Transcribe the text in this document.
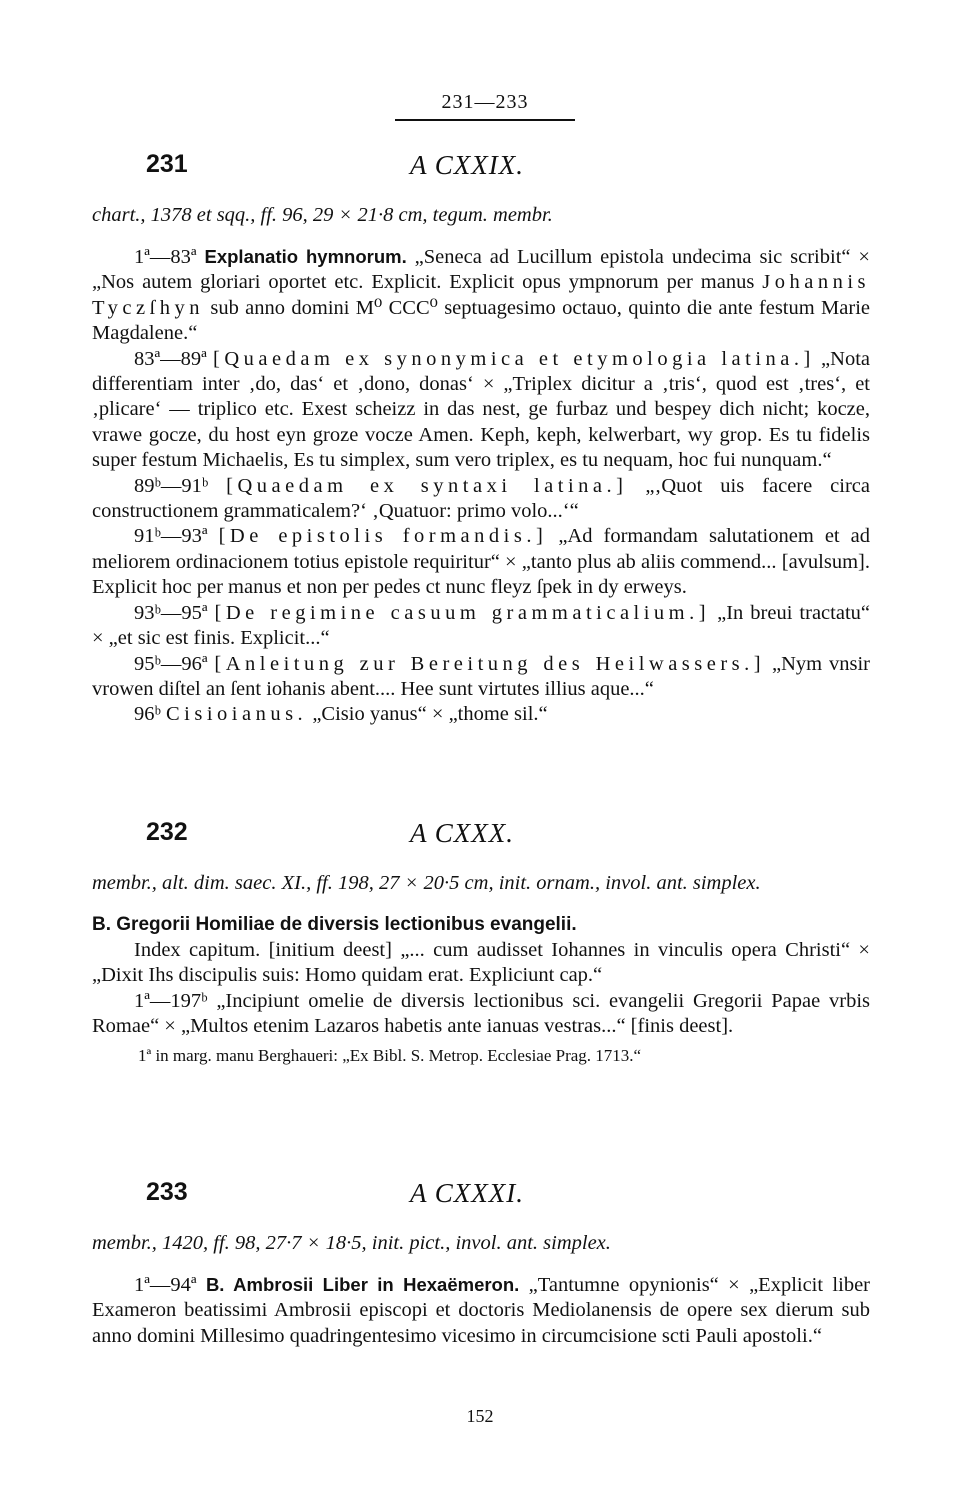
231—233
231	A CXXIX.
chart., 1378 et sqq., ff. 96, 29 × 21·8 cm, tegum. membr.

1ª—83ª Explanatio hymnorum. „Seneca ad Lucillum epistola undecima sic scribit“ × „Nos autem gloriari oportet etc. Explicit. Explicit opus ympnorum per manus Johannis Tyczſhyn sub anno domini M⁰ CCC⁰ septuagesimo octauo, quinto die ante festum Marie Magdalene.“

83ª—89ª [Quaedam ex synonymica et etymologia latina.] „Nota differentiam inter ‚do, das‘ et ‚dono, donas‘ × „Triplex dicitur a ‚tris‘, quod est ‚tres‘, et ‚plicare‘ — triplico etc. Exest scheizz in das nest, ge furbaz und bespey dich nicht; kocze, vrawe gocze, du host eyn groze vocze Amen. Keph, keph, kelwerbart, wy grop. Es tu fidelis super festum Michaelis, Es tu simplex, sum vero triplex, es tu nequam, hoc fui nunquam.“

89ᵇ—91ᵇ [Quaedam ex syntaxi latina.] „‚Quot uis facere circa constructionem grammaticalem?‘ ‚Quatuor: primo volo...‘“

91ᵇ—93ª [De epistolis formandis.] „Ad formandam salutationem et ad meliorem ordinacionem totius epistole requiritur“ × „tanto plus ab aliis commend... [avulsum]. Explicit hoc per manus et non per pedes ct nunc fleyz ſpek in dy erweys.

93ᵇ—95ª [De regimine casuum grammaticalium.] „In breui tractatu“ × „et sic est finis. Explicit...“

95ᵇ—96ª [Anleitung zur Bereitung des Heilwassers.] „Nym vnsir vrowen diſtel an ſent iohanis abent.... Hee sunt virtutes illius aque...“

96ᵇ Cisioianus. „Cisio yanus“ × „thome sil.“

232	A CXXX.
membr., alt. dim. saec. XI., ff. 198, 27 × 20·5 cm, init. ornam., invol. ant. simplex.
B. Gregorii Homiliae de diversis lectionibus evangelii.

Index capitum. [initium deest] „... cum audisset Iohannes in vinculis opera Christi“ × „Dixit Ihs discipulis suis: Homo quidam erat. Expliciunt cap.“

1ª—197ᵇ „Incipiunt omelie de diversis lectionibus sci. evangelii Gregorii Papae vrbis Romae“ × „Multos etenim Lazaros habetis ante ianuas vestras...“ [finis deest].

1ª in marg. manu Berghaueri: „Ex Bibl. S. Metrop. Ecclesiae Prag. 1713.“

233	A CXXXI.
membr., 1420, ff. 98, 27·7 × 18·5, init. pict., invol. ant. simplex.

1ª—94ª B. Ambrosii Liber in Hexaëmeron. „Tantumne opynionis“ × „Explicit liber Exameron beatissimi Ambrosii episcopi et doctoris Mediolanensis de opere sex dierum sub anno domini Millesimo quadringentesimo vicesimo in circumcisione scti Pauli apostoli.“

152
